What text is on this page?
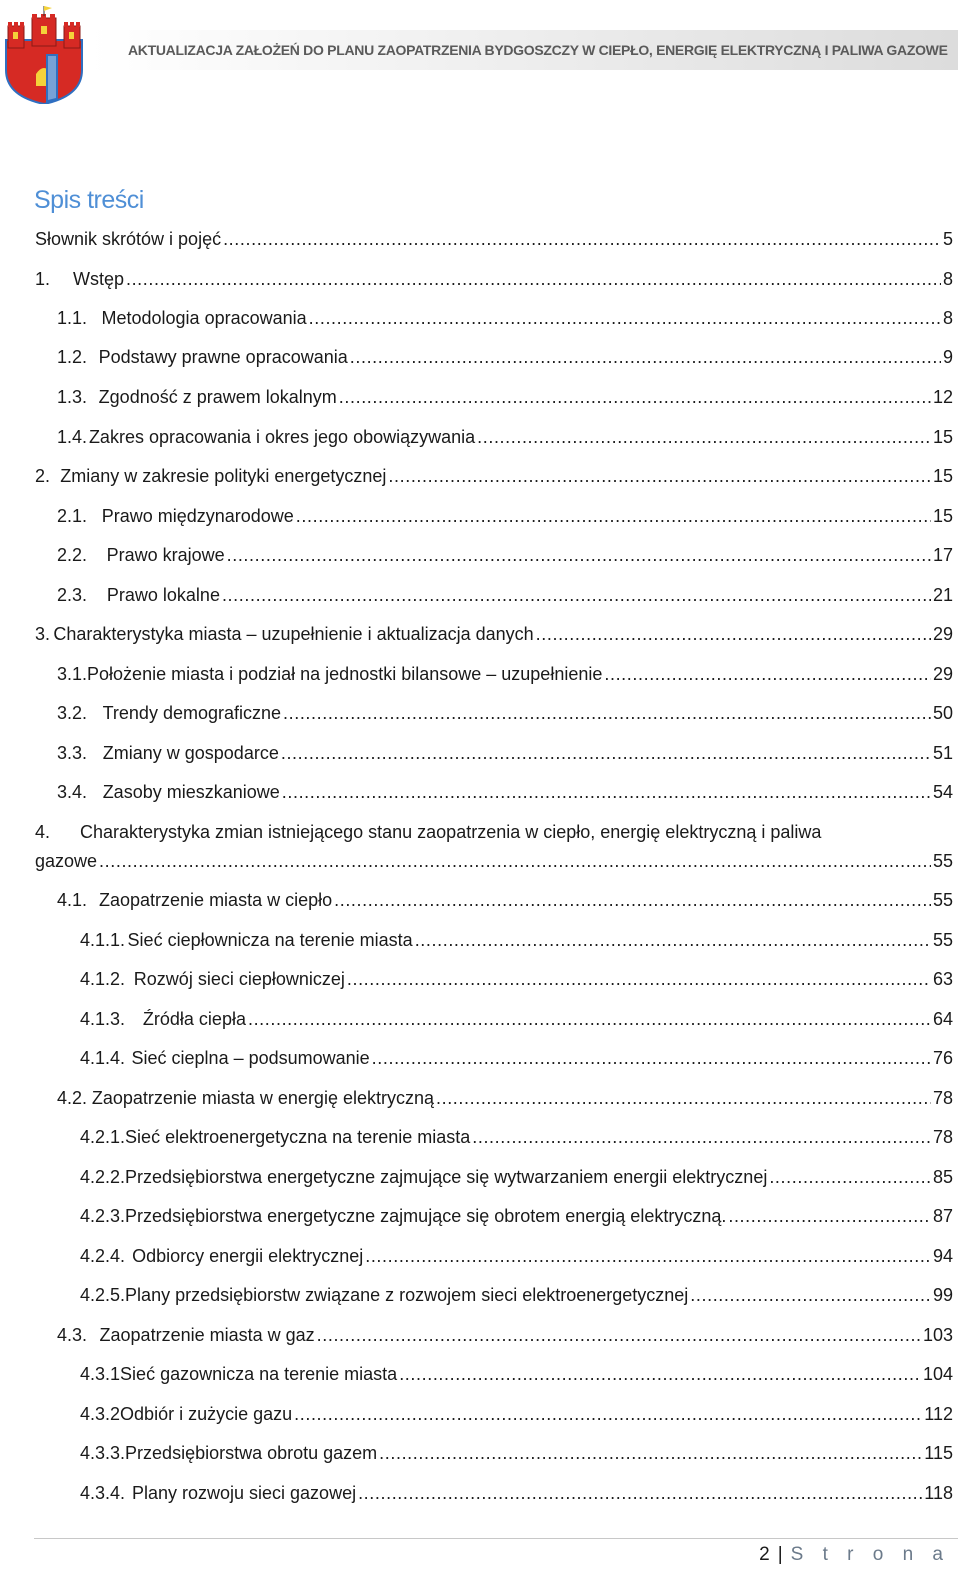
AKTUALIZACJA ZAŁOŻEŃ DO PLANU ZAOPATRZENIA BYDGOSZCZY W CIEPŁO, ENERGIĘ ELEKTRYCZNĄ I PALIWA GAZOWE
Spis treści
Słownik skrótów i pojęć . . .	5
1.	Wstęp . . .	8
1.1. Metodologia opracowania . . .	8
1.2. Podstawy prawne opracowania . . .	9
1.3. Zgodność z prawem lokalnym . . .	12
1.4. Zakres opracowania i okres jego obowiązywania . . .	15
2. Zmiany w zakresie polityki energetycznej . . .	15
2.1. Prawo międzynarodowe . . .	15
2.2.	Prawo krajowe . . .	17
2.3.	Prawo lokalne . . .	21
3. Charakterystyka miasta – uzupełnienie i aktualizacja danych . . .	29
3.1. Położenie miasta i podział na jednostki bilansowe – uzupełnienie . . .	29
3.2. Trendy demograficzne . . .	50
3.3. Zmiany w gospodarce . . .	51
3.4. Zasoby mieszkaniowe . . .	54
4. Charakterystyka zmian istniejącego stanu zaopatrzenia w ciepło, energię elektryczną i paliwa
gazowe . . .	55
4.1. Zaopatrzenie miasta w ciepło . . .	55
4.1.1. Sieć ciepłownicza na terenie miasta . . .	55
4.1.2. Rozwój sieci ciepłowniczej . . .	63
4.1.3. Źródła ciepła . . .	64
4.1.4. Sieć cieplna – podsumowanie . . .	76
4.2. Zaopatrzenie miasta w energię elektryczną . . .	78
4.2.1. Sieć elektroenergetyczna na terenie miasta . . .	78
4.2.2. Przedsiębiorstwa energetyczne zajmujące się wytwarzaniem energii elektrycznej . . .	85
4.2.3. Przedsiębiorstwa energetyczne zajmujące się obrotem energią elektryczną. . . .	87
4.2.4. Odbiorcy energii elektrycznej . . .	94
4.2.5. Plany przedsiębiorstw związane z rozwojem sieci elektroenergetycznej . . .	99
4.3. Zaopatrzenie miasta w gaz . . .	103
4.3.1 Sieć gazownicza na terenie miasta . . .	104
4.3.2 Odbiór i zużycie gazu . . .	112
4.3.3. Przedsiębiorstwa obrotu gazem . . .	115
4.3.4. Plany rozwoju sieci gazowej . . .	118
2 | S t r o n a
